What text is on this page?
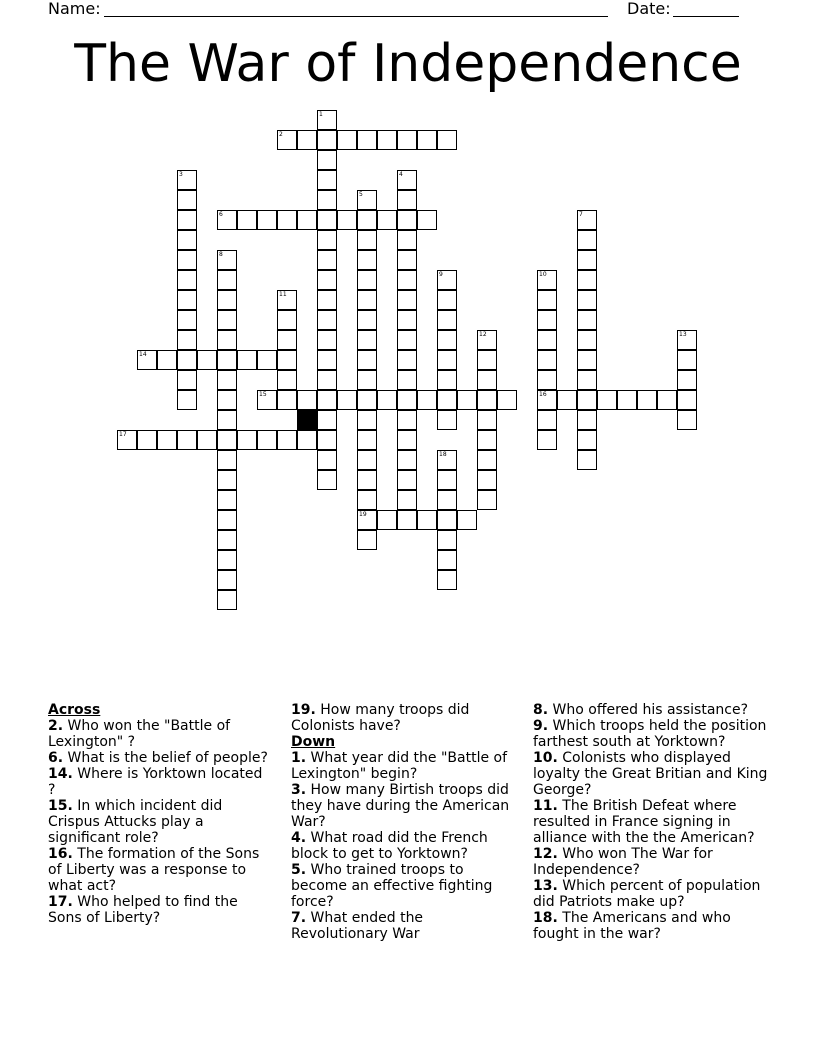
Name:	Date:
The War of Independence
1
2
3	4
5
6	7
8
9	10
11
12	13
14
15	16
17
18
19

Across

2. Who won the "Battle of Lexington" ?

6. What is the belief of people?

14. Where is Yorktown located ?

15. In which incident did Crispus Attucks play a significant role?

16. The formation of the Sons of Liberty was a response to what act?

17. Who helped to find the Sons of Liberty?

19. How many troops did Colonists have?

Down

1. What year did the "Battle of Lexington" begin?

3. How many Birtish troops did they have during the American War?

4. What road did the French block to get to Yorktown?

5. Who trained troops to become an effective fighting force?

7. What ended the Revolutionary War

8. Who offered his assistance?

9. Which troops held the position farthest south at Yorktown?

10. Colonists who displayed loyalty the Great Britian and King George?

11. The British Defeat where resulted in France signing in alliance with the the American?

12. Who won The War for Independence?

13. Which percent of population did Patriots make up?

18. The Americans and who fought in the war?
